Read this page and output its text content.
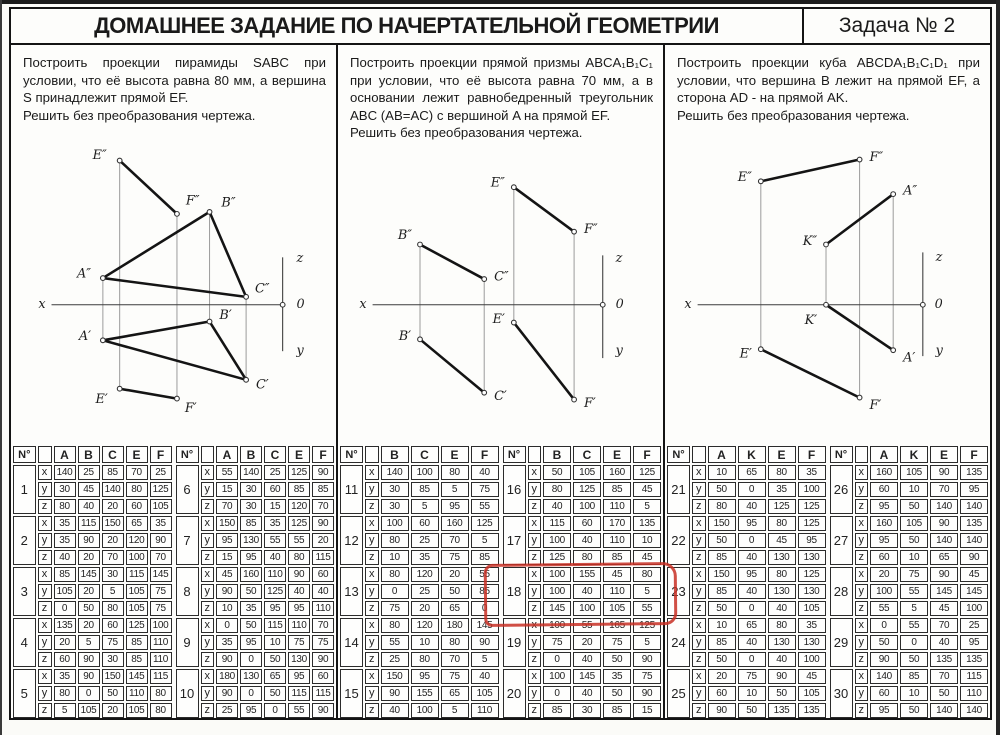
ДОМАШНЕЕ ЗАДАНИЕ ПО НАЧЕРТАТЕЛЬНОЙ ГЕОМЕТРИИ	Задача № 2

Построить проекции пирамиды SABC при условии, что её высота равна 80 мм, а вершина S принадлежит прямой EF.

Решить без преобразования чертежа.

E″
F″ B″
A″
C″
x
z
0
y
B′
A′
C′
E′
F′
N°		A	B	C	E	F
1	x	140	25	85	70	25
	y	30	45	140	80	125
	z	80	40	20	60	105
2	x	35	115	150	65	35
	y	35	90	20	120	90
	z	40	20	70	100	70
3	x	85	145	30	115	145
	y	105	20	5	105	75
	z	0	50	80	105	75
4	x	135	20	60	125	100
	y	20	5	75	85	110
	z	60	90	30	85	110
5	x	35	90	150	145	115
	y	80	0	50	110	80
	z	5	105	20	105	80
N°		A	B	C	E	F
6	x	55	140	25	125	90
	y	15	30	60	85	85
	z	70	30	15	120	70
7	x	150	85	35	125	90
	y	95	130	55	55	20
	z	15	95	40	80	115
8	x	45	160	110	90	60
	y	90	50	125	40	40
	z	10	35	95	95	110
9	x	0	50	115	110	70
	y	35	95	10	75	75
	z	90	0	50	130	90
10	x	180	130	65	95	60
	y	90	0	50	115	115
	z	25	95	0	55	90

Построить проекции прямой призмы ABCA₁B₁C₁ при условии, что её высота равна 70 мм, а в основании лежит равнобедренный треугольник ABC (AB=AC) с вершиной A на прямой EF.

Решить без преобразования чертежа.

E″
F″
B″
C″
x
z
0
y
E′
B′
C′	F′
N°		B	C	E	F
11	x	140	100	80	40
	y	30	85	5	75
	z	30	5	95	55
12	x	100	60	160	125
	y	80	25	70	5
	z	10	35	75	85
13	x	80	120	20	55
	y	0	25	50	85
	z	75	20	65	0
14	x	80	120	180	145
	y	55	10	80	90
	z	25	80	70	5
15	x	150	95	75	40
	y	90	155	65	105
	z	40	100	5	110
N°		B	C	E	F
16	x	50	105	160	125
	y	80	125	85	45
	z	40	100	110	5
17	x	115	60	170	135
	y	100	40	110	10
	z	125	80	85	45
18	x	100	155	45	80
	y	100	40	110	5
	z	145	100	105	55
19	x	100	55	165	125
	y	75	20	75	5
	z	0	40	50	90
20	x	100	145	35	75
	y	0	40	50	90
	z	85	30	85	15

Построить проекции куба ABCDA₁B₁C₁D₁ при условии, что вершина B лежит на прямой EF, а сторона AD - на прямой AK.

Решить без преобразования чертежа.

F″
E″
A″
K″
x
K′
z
0
y
E′	A′
F′
N°		A	K	E	F
21	x	10	65	80	35
	y	50	0	35	100
	z	80	40	125	125
22	x	150	95	80	125
	y	50	0	45	95
	z	85	40	130	130
23	x	150	95	80	125
	y	85	40	130	130
	z	50	0	40	105
24	x	10	65	80	35
	y	85	40	130	130
	z	50	0	40	100
25	x	20	75	90	45
	y	60	10	50	105
	z	90	50	135	135
N°		A	K	E	F
26	x	160	105	90	135
	y	60	10	70	95
	z	95	50	140	140
27	x	160	105	90	135
	y	95	50	140	140
	z	60	10	65	90
28	x	20	75	90	45
	y	100	55	145	145
	z	55	5	45	100
29	x	0	55	70	25
	y	50	0	40	95
	z	90	50	135	135
30	x	140	85	70	115
	y	60	10	50	110
	z	95	50	140	140
